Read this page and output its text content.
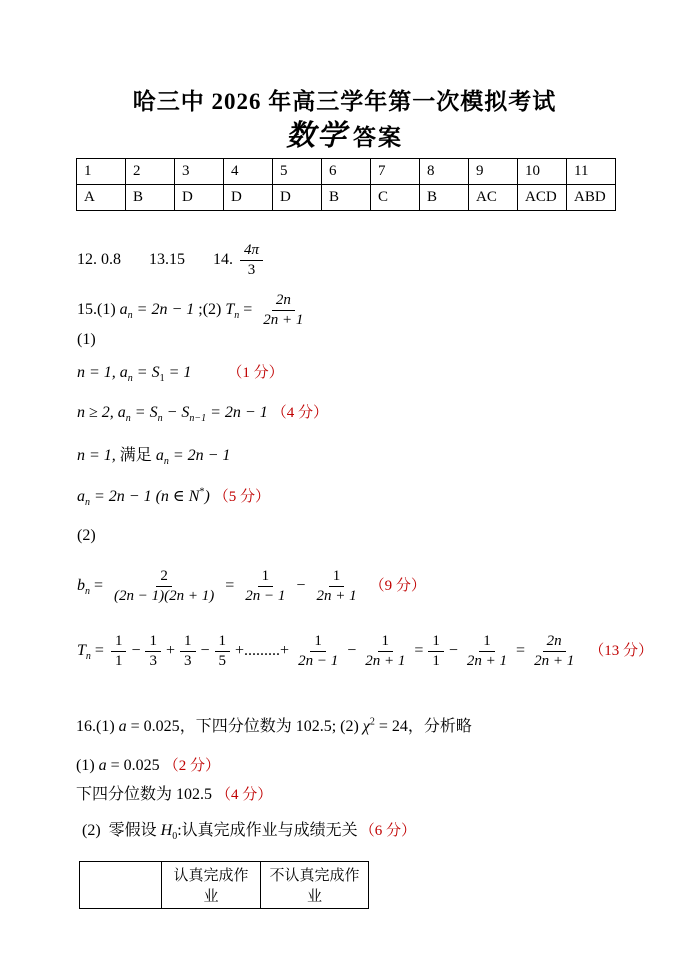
哈三中 2026 年高三学年第一次模拟考试
数学 答案
1	2	3	4	5	6	7	8	9	10	11
A	B	D	D	D	B	C	B	AC	ACD	ABD
12. 0.8 13.15 14. $\frac{4\pi}{3}$
15.(1) $a_n = 2n - 1$ ;(2) $T_n = \frac{2n}{2n + 1}$
(1)
n = 1, $a_n = S_1 = 1$ （1 分）
n ≥ 2, $a_n = S_n - S_{n-1} = 2n - 1$ （4 分）
n = 1, 满足 $a_n = 2n - 1$
$a_n = 2n - 1$ (n ∈ N*) （5 分）
(2)
$b_n = \frac{2}{(2n - 1)(2n + 1)} = \frac{1}{2n - 1} - \frac{1}{2n + 1} (9$ 分）
$T_n = \frac{1}{1} - \frac{1}{3} + \frac{1}{3} - \frac{1}{5}$ +.........+ $\frac{1}{2n - 1} - \frac{1}{2n + 1} = \frac{1}{1} - \frac{1}{2n + 1} = \frac{2n}{2n + 1} (13$ 分）
16.(1) a = 0.025，下四分位数为 102.5; (2) $\chi^2 = 24$，分析略
(1) a = 0.025 （2 分）
下四分位数为 102.5 （4 分）
(2)  零假设 $H_0$:认真完成作业与成绩无关 （6 分）
	认真完成作业	不认真完成作业
